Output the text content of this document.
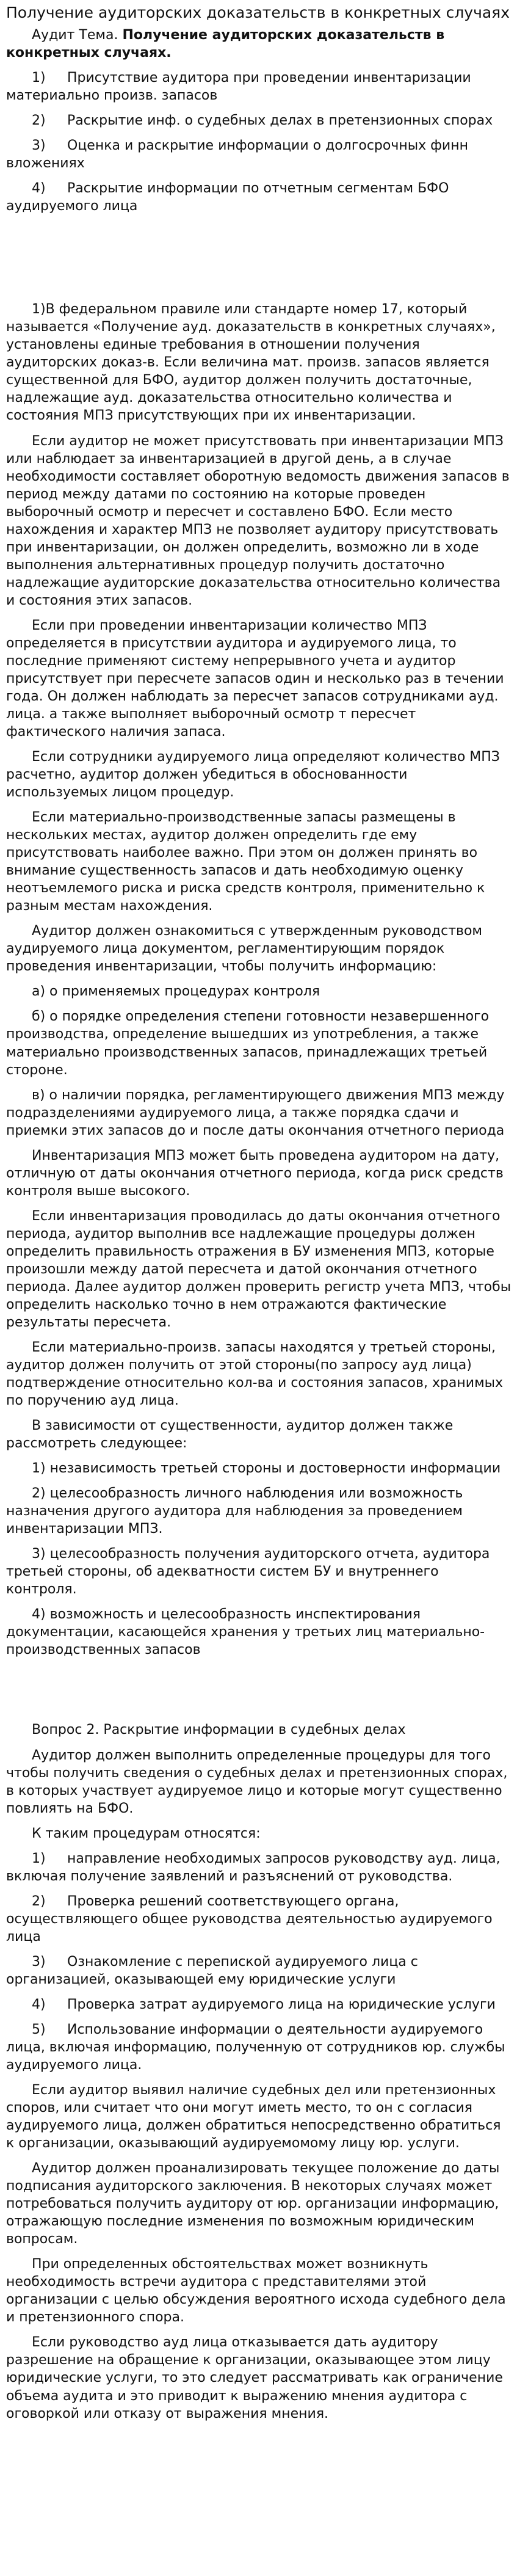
Получение аудиторских доказательств в конкретных случаях

Аудит Тема. Получение аудиторских доказательств в конкретных случаях.

1) Присутствие аудитора при проведении инвентаризации материально произв. запасов

2) Раскрытие инф. о судебных делах в претензионных спорах

3) Оценка и раскрытие информации о долгосрочных финн вложениях

4) Раскрытие информации по отчетным сегментам БФО аудируемого лица

1)В федеральном правиле или стандарте номер 17, который называется «Получение ауд. доказательств в конкретных случаях», установлены единые требования в отношении получения аудиторских доказ-в. Если величина мат. произв. запасов является существенной для БФО, аудитор должен получить достаточные, надлежащие ауд. доказательства относительно количества и состояния МПЗ присутствующих при их инвентаризации.

Если аудитор не может присутствовать при инвентаризации МПЗ или наблюдает за инвентаризацией в другой день, а в случае необходимости составляет оборотную ведомость движения запасов в период между датами по состоянию на которые проведен выборочный осмотр и пересчет и составлено БФО. Если место нахождения и характер МПЗ не позволяет аудитору присутствовать при инвентаризации, он должен определить, возможно ли в ходе выполнения альтернативных процедур получить достаточно надлежащие аудиторские доказательства относительно количества и состояния этих запасов.

Если при проведении инвентаризации количество МПЗ определяется в присутствии аудитора и аудируемого лица, то последние применяют систему непрерывного учета и аудитор присутствует при пересчете запасов один и несколько раз в течении года. Он должен наблюдать за пересчет запасов сотрудниками ауд. лица. а также выполняет выборочный осмотр т пересчет фактического наличия запаса.

Если сотрудники аудируемого лица определяют количество МПЗ расчетно, аудитор должен убедиться в обоснованности используемых лицом процедур.

Если материально-производственные запасы размещены в нескольких местах, аудитор должен определить где ему присутствовать наиболее важно. При этом он должен принять во внимание существенность запасов и дать необходимую оценку неотъемлемого риска и риска средств контроля, применительно к разным местам нахождения.

Аудитор должен ознакомиться с утвержденным руководством аудируемого лица документом, регламентирующим порядок проведения инвентаризации, чтобы получить информацию:

а) о применяемых процедурах контроля

б) о порядке определения степени готовности незавершенного производства, определение вышедших из употребления, а также материально производственных запасов, принадлежащих третьей стороне.

в) о наличии порядка, регламентирующего движения МПЗ между подразделениями аудируемого лица, а также порядка сдачи и приемки этих запасов до и после даты окончания отчетного периода

Инвентаризация МПЗ может быть проведена аудитором на дату, отличную от даты окончания отчетного периода, когда риск средств контроля выше высокого.

Если инвентаризация проводилась до даты окончания отчетного периода, аудитор выполнив все надлежащие процедуры должен определить правильность отражения в БУ изменения МПЗ, которые произошли между датой пересчета и датой окончания отчетного периода. Далее аудитор должен проверить регистр учета МПЗ, чтобы определить насколько точно в нем отражаются фактические результаты пересчета.

Если материально-произв. запасы находятся у третьей стороны, аудитор должен получить от этой стороны(по запросу ауд лица) подтверждение относительно кол-ва и состояния запасов, хранимых по поручению ауд лица.

В зависимости от существенности, аудитор должен также рассмотреть следующее:

1) независимость третьей стороны и достоверности информации

2) целесообразность личного наблюдения или возможность назначения другого аудитора для наблюдения за проведением инвентаризации МПЗ.

3) целесообразность получения аудиторского отчета, аудитора третьей стороны, об адекватности систем БУ и внутреннего контроля.

4) возможность и целесообразность инспектирования документации, касающейся хранения у третьих лиц материально-производственных запасов

Вопрос 2. Раскрытие информации в судебных делах

Аудитор должен выполнить определенные процедуры для того чтобы получить сведения о судебных делах и претензионных спорах, в которых участвует аудируемое лицо и которые могут существенно повлиять на БФО.

К таким процедурам относятся:

1) направление необходимых запросов руководству ауд. лица, включая получение заявлений и разъяснений от руководства.

2) Проверка решений соответствующего органа, осуществляющего общее руководства деятельностью аудируемого лица

3) Ознакомление с перепиской аудируемого лица с организацией, оказывающей ему юридические услуги

4) Проверка затрат аудируемого лица на юридические услуги

5) Использование информации о деятельности аудируемого лица, включая информацию, полученную от сотрудников юр. службы аудируемого лица.

Если аудитор выявил наличие судебных дел или претензионных споров, или считает что они могут иметь место, то он с согласия аудируемого лица, должен обратиться непосредственно обратиться к организации, оказывающий аудируемомому лицу юр. услуги.

Аудитор должен проанализировать текущее положение до даты подписания аудиторского заключения. В некоторых случаях может потребоваться получить аудитору от юр. организации информацию, отражающую последние изменения по возможным юридическим вопросам.

При определенных обстоятельствах может возникнуть необходимость встречи аудитора с представителями этой организации с целью обсуждения вероятного исхода судебного дела и претензионного спора.

Если руководство ауд лица отказывается дать аудитору разрешение на обращение к организации, оказывающее этом лицу юридические услуги, то это следует рассматривать как ограничение объема аудита и это приводит к выражению мнения аудитора с оговоркой или отказу от выражения мнения.
